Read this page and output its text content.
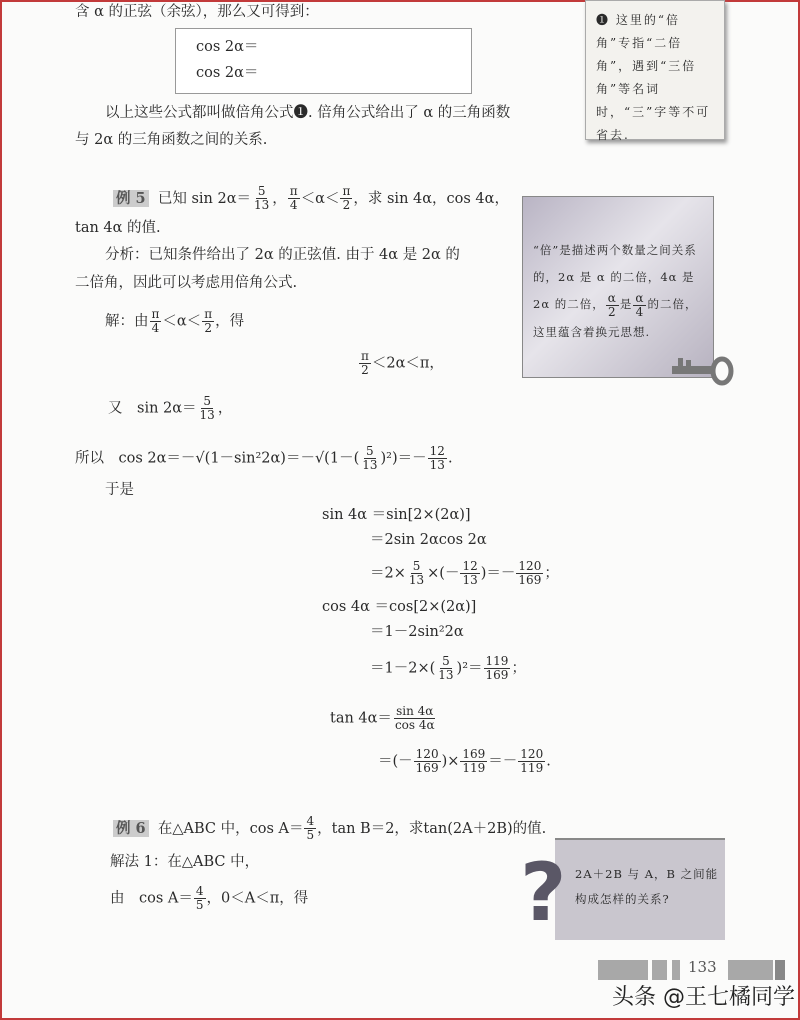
含 α 的正弦（余弦），那么又可得到：
cos 2α＝
cos 2α＝
以上这些公式都叫做倍角公式❶. 倍角公式给出了 α 的三角函数
与 2α 的三角函数之间的关系.
❶ 这里的“倍角”专指“二倍角”，遇到“三倍角”等名词时，“三”字等不可省去.
例 5 已知 $\sin 2\alpha= \frac{5}{13}$ ， $\frac{\pi}{4} <\alpha< \frac{\pi}{2}$ ，求 sin 4α，cos 4α，
tan 4α 的值.
分析：已知条件给出了 2α 的正弦值. 由于 4α 是 2α 的
二倍角，因此可以考虑用倍角公式.
解：由 $\frac{\pi}{4} <\alpha< \frac{\pi}{2}$ ，得
$\frac{\pi}{2} <2\alpha<\pi$，
又　$\sin 2\alpha= \frac{5}{13}$ ，
所以　$\cos 2\alpha=-√(1-\sin^22\alpha)=-√(1-( \frac{5}{13} )^2)=- \frac{12}{13}$ .
于是
sin 4α ＝sin[2×(2α)]
＝2sin 2αcos 2α
$=2\times \frac{5}{13}$ ×(－ $\frac{12}{13}$ )＝－ $\frac{120}{169}$ ；
cos 4α ＝cos[2×(2α)]
＝1－2sin²2α
$=1-2\times( \frac{5}{13} )^2= \frac{119}{169}$ ；
$\tan 4\alpha= \frac{\sin 4\alpha}{\cos 4\alpha}$
＝(－ $\frac{120}{169}$ )× $\frac{169}{119} =- \frac{120}{119}$ .
“倍”是描述两个数量之间关系的，2α 是 α 的二倍，4α 是 2α 的二倍， $\frac{\alpha}{2}$ 是 $\frac{\alpha}{4}$ 的二倍，这里蕴含着换元思想.
例 6 在△ABC 中，$\cos A= \frac{4}{5}$ ，tan B＝2，求tan(2A＋2B)的值.
解法 1：在△ABC 中，
由　$\cos A= \frac{4}{5}$ ，0＜A＜π，得
2A＋2B 与 A，B 之间能构成怎样的关系?
?
133
头条 @王七橘同学
